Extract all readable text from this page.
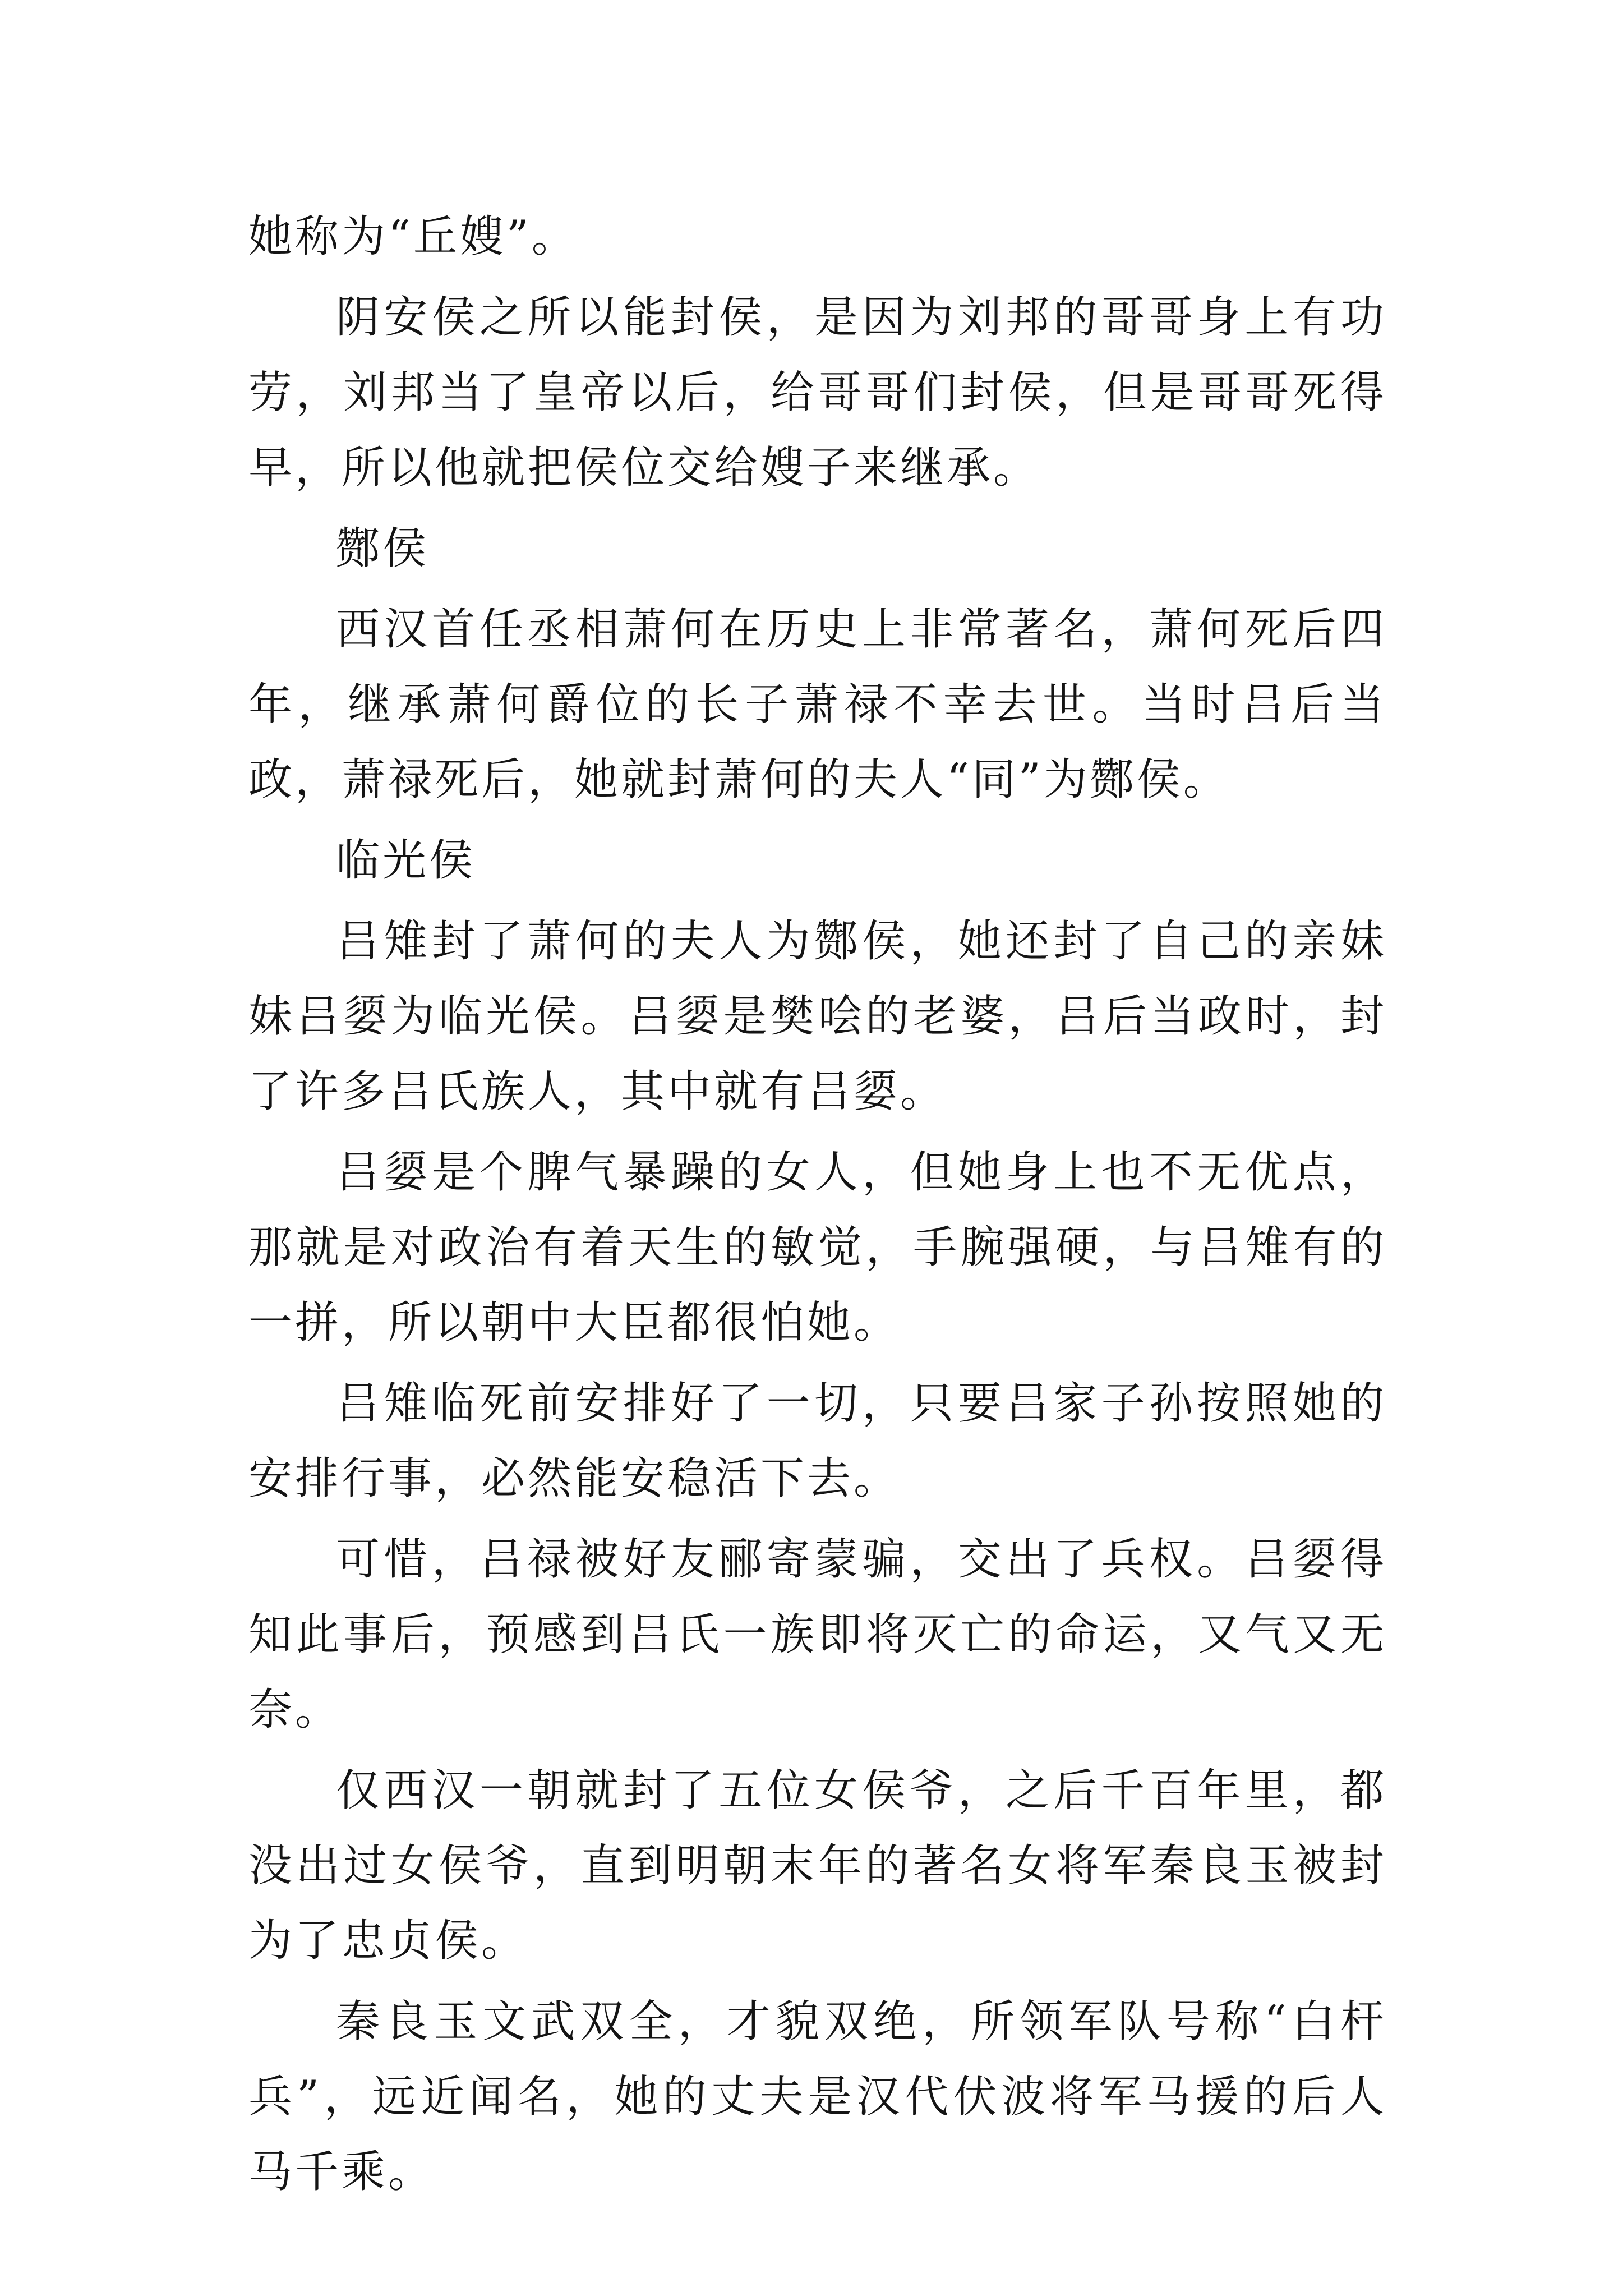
她称为“丘嫂”。

阴安侯之所以能封侯，是因为刘邦的哥哥身上有功劳，刘邦当了皇帝以后，给哥哥们封侯，但是哥哥死得早，所以他就把侯位交给嫂子来继承。

酂侯

西汉首任丞相萧何在历史上非常著名，萧何死后四年，继承萧何爵位的长子萧禄不幸去世。当时吕后当政，萧禄死后，她就封萧何的夫人“同”为酂侯。

临光侯

吕雉封了萧何的夫人为酂侯，她还封了自己的亲妹妹吕媭为临光侯。吕媭是樊哙的老婆，吕后当政时，封了许多吕氏族人，其中就有吕媭。

吕媭是个脾气暴躁的女人，但她身上也不无优点，那就是对政治有着天生的敏觉，手腕强硬，与吕雉有的一拼，所以朝中大臣都很怕她。

吕雉临死前安排好了一切，只要吕家子孙按照她的安排行事，必然能安稳活下去。

可惜，吕禄被好友郦寄蒙骗，交出了兵权。吕媭得知此事后，预感到吕氏一族即将灭亡的命运，又气又无奈。

仅西汉一朝就封了五位女侯爷，之后千百年里，都没出过女侯爷，直到明朝末年的著名女将军秦良玉被封为了忠贞侯。

秦良玉文武双全，才貌双绝，所领军队号称“白杆兵”，远近闻名，她的丈夫是汉代伏波将军马援的后人马千乘。
